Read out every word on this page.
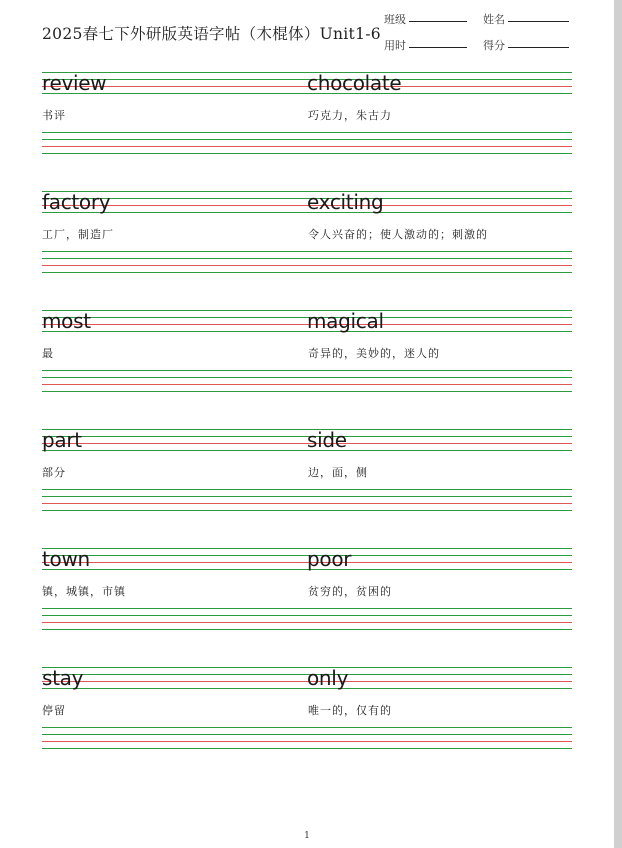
2025春七下外研版英语字帖（木棍体）Unit1-6
班级	姓名
用时	得分
review	chocolate
书评	巧克力，朱古力
factory	exciting
工厂，制造厂	令人兴奋的；使人激动的；刺激的
most	magical
最	奇异的，美妙的，迷人的
part	side
部分	边，面，侧
town	poor
镇，城镇，市镇	贫穷的，贫困的
stay	only
停留	唯一的，仅有的
1
